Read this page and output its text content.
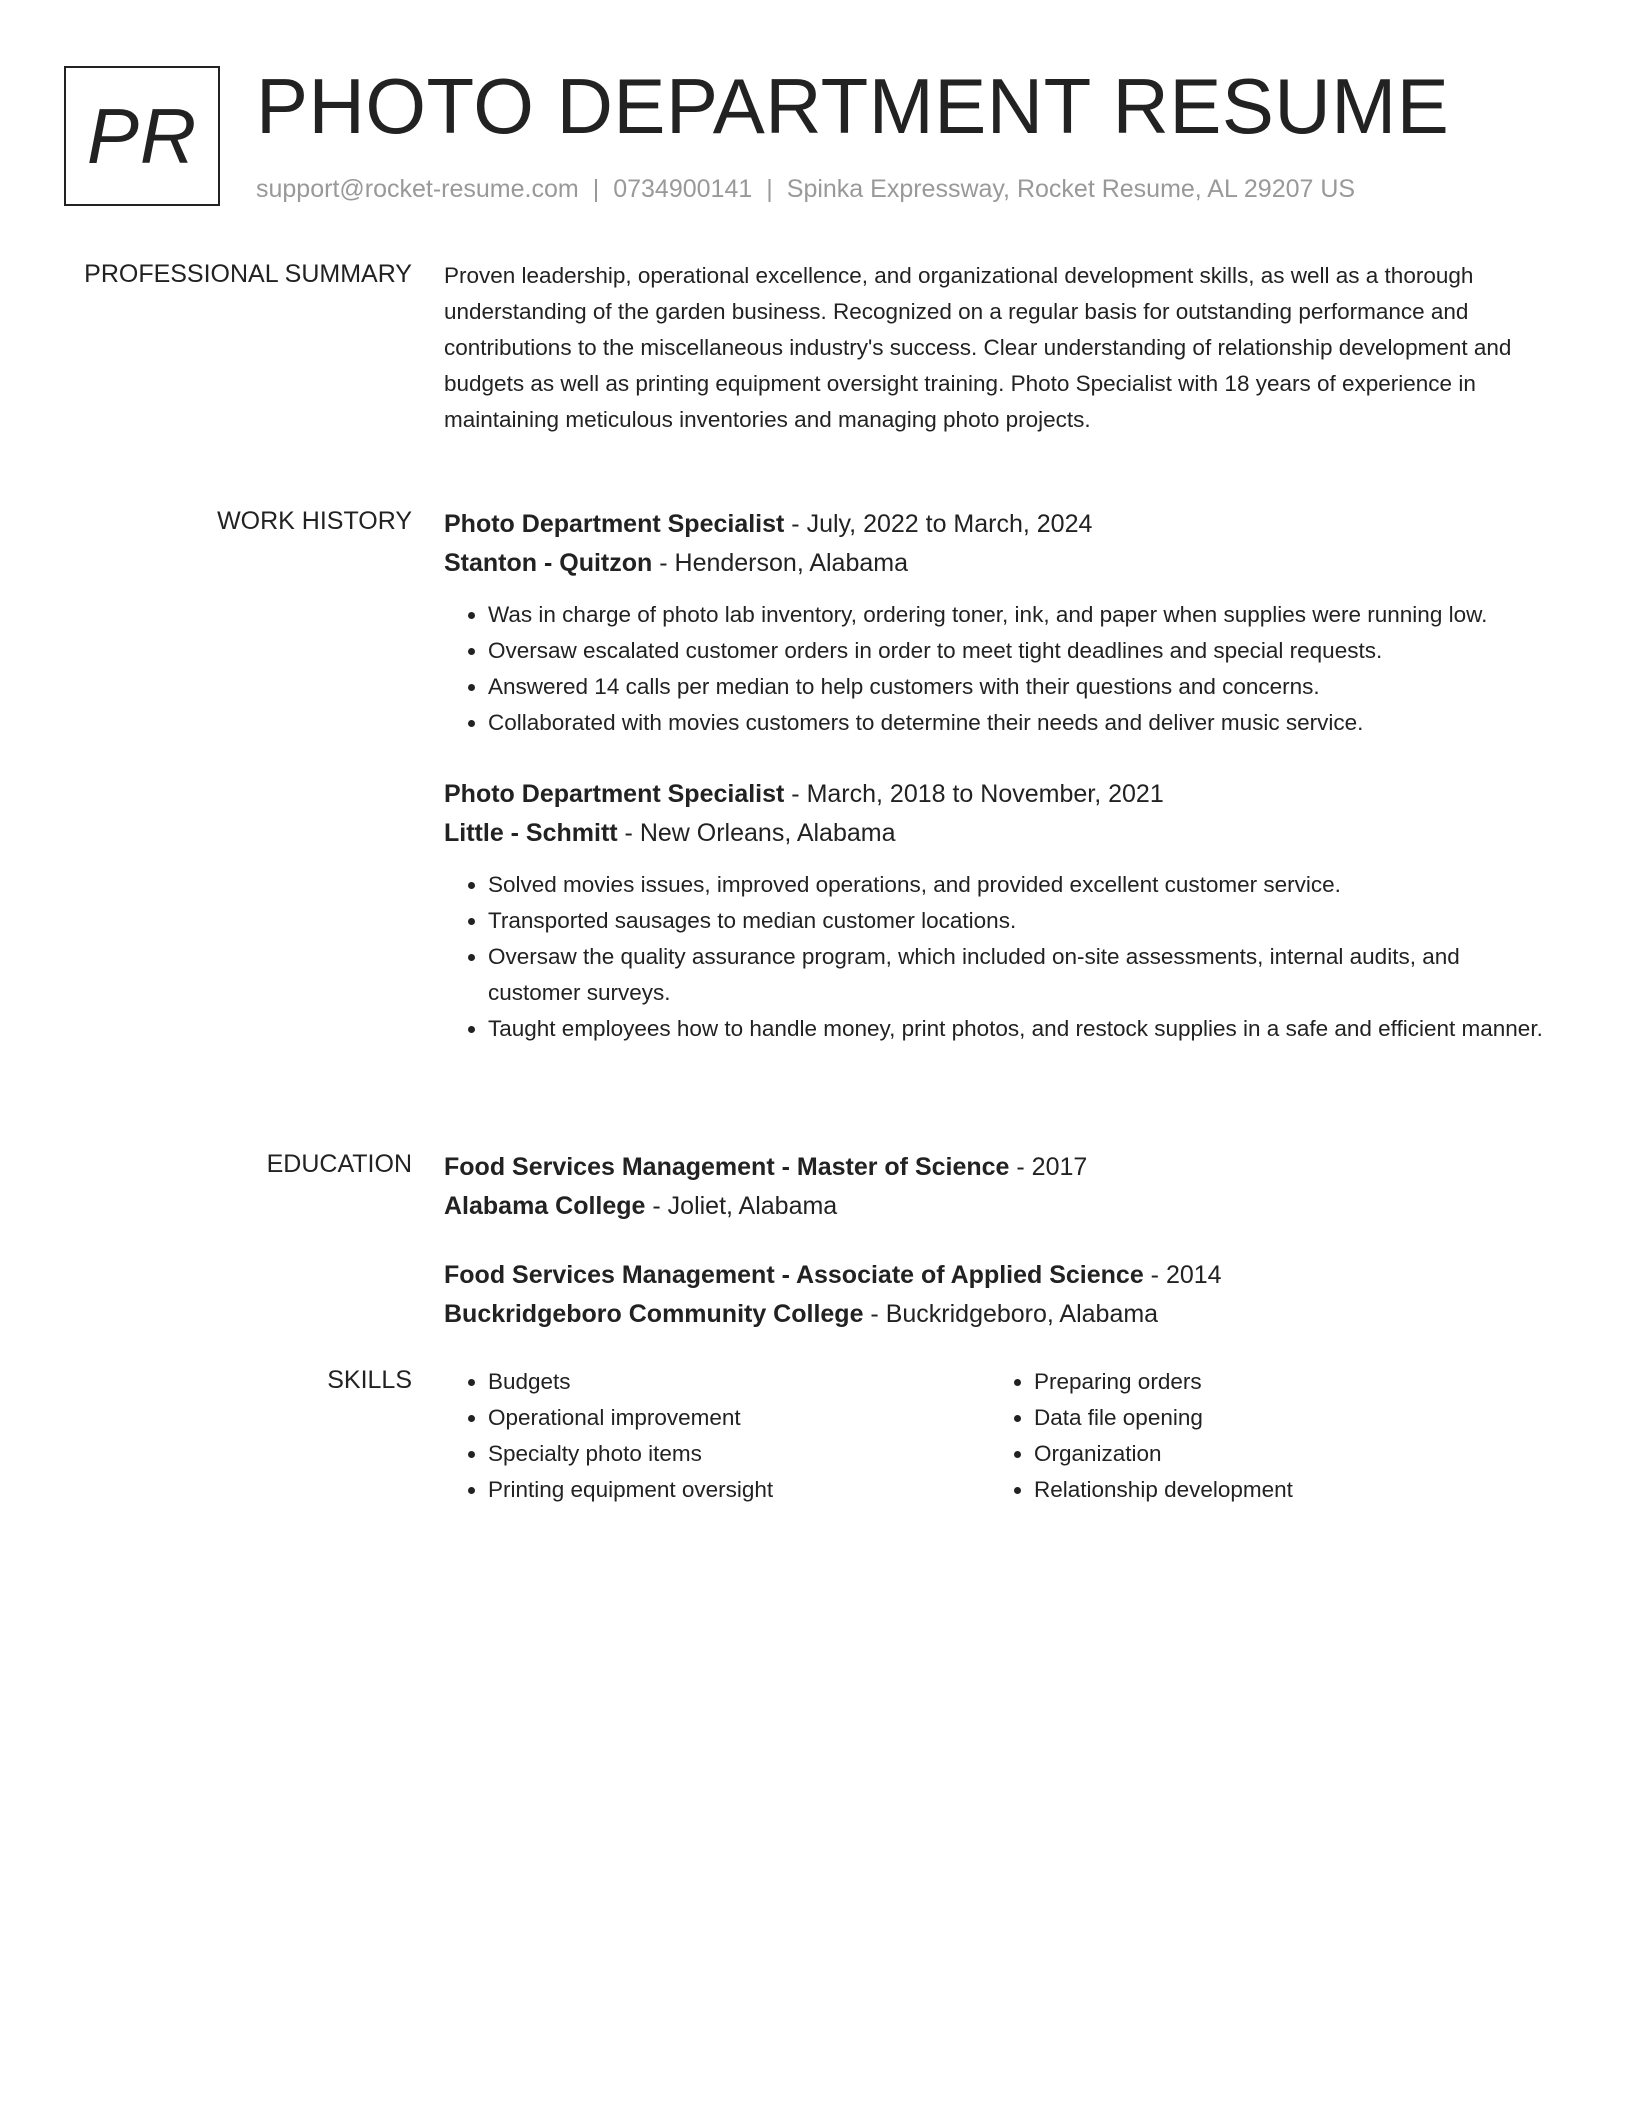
PR PHOTO DEPARTMENT RESUME
support@rocket-resume.com | 0734900141 | Spinka Expressway, Rocket Resume, AL 29207 US
PROFESSIONAL SUMMARY Proven leadership, operational excellence, and organizational development skills, as well as a thorough understanding of the garden business. Recognized on a regular basis for outstanding performance and contributions to the miscellaneous industry's success. Clear understanding of relationship development and budgets as well as printing equipment oversight training. Photo Specialist with 18 years of experience in maintaining meticulous inventories and managing photo projects.

WORK HISTORY Photo Department Specialist - July, 2022 to March, 2024

Stanton - Quitzon - Henderson, Alabama

• Was in charge of photo lab inventory, ordering toner, ink, and paper when supplies were running low.
• Oversaw escalated customer orders in order to meet tight deadlines and special requests.
• Answered 14 calls per median to help customers with their questions and concerns.
• Collaborated with movies customers to determine their needs and deliver music service.

Photo Department Specialist - March, 2018 to November, 2021

Little - Schmitt - New Orleans, Alabama

• Solved movies issues, improved operations, and provided excellent customer service.
• Transported sausages to median customer locations.
• Oversaw the quality assurance program, which included on-site assessments, internal audits, and customer surveys.
• Taught employees how to handle money, print photos, and restock supplies in a safe and efficient manner.
EDUCATION Food Services Management - Master of Science - 2017

Alabama College - Joliet, Alabama

Food Services Management - Associate of Applied Science - 2014

Buckridgeboro Community College - Buckridgeboro, Alabama

SKILLS
•	Budgets
• Operational improvement
• Specialty photo items
• Printing equipment oversight
• Preparing orders
• Data file opening
• Organization
• Relationship development
